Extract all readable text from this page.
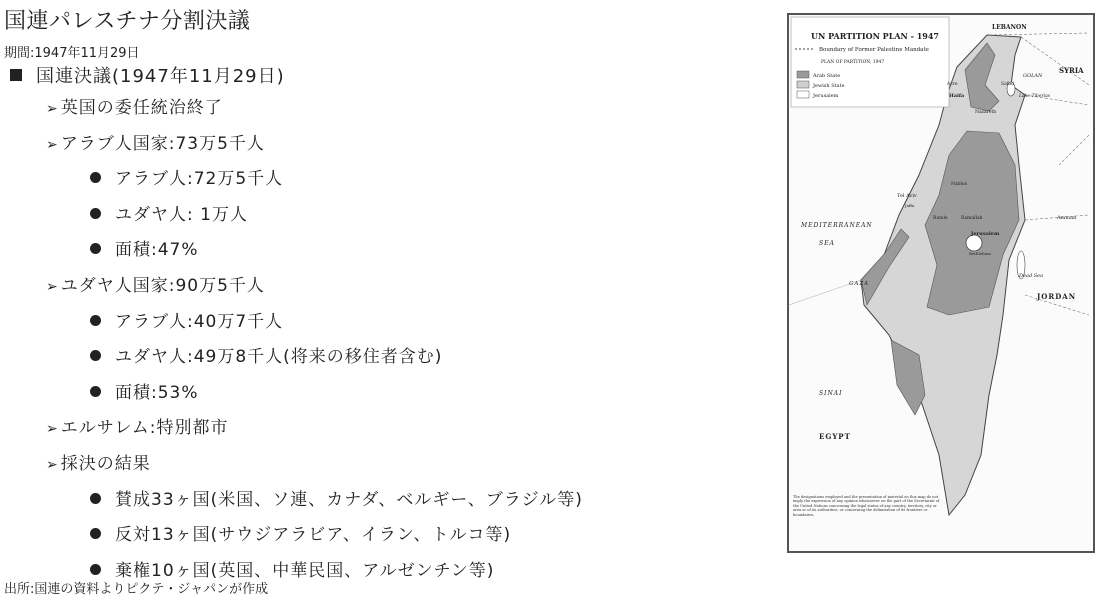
国連パレスチナ分割決議
期間:1947年11月29日
国連決議(1947年11月29日)
➢ 英国の委任統治終了
➢ アラブ人国家:73万5千人
アラブ人:72万5千人
ユダヤ人: 1万人
面積:47%
➢ ユダヤ人国家:90万5千人
アラブ人:40万7千人
ユダヤ人:49万8千人(将来の移住者含む)
面積:53%
➢ エルサレム:特別都市
➢ 採決の結果
賛成33ヶ国(米国、ソ連、カナダ、ベルギー、ブラジル等)
反対13ヶ国(サウジアラビア、イラン、トルコ等)
棄権10ヶ国(英国、中華民国、アルゼンチン等)
出所:国連の資料よりピクテ・ジャパンが作成
UN PARTITION PLAN - 1947
Boundary of Former Palestine Mandate
PLAN OF PARTITION, 1947
Arab State
Jewish State
Jerusalem
LEBANON
SYRIA
GOLAN
Safad
Lake Tiberias
Acre
Haifa
Nazareth
Nablus
Tel Aviv
Jaffa
Ramle	Ramallah
Jerusalem
Bethlehem
Amman
Dead Sea
MEDITERRANEAN
SEA
GAZA
JORDAN
SINAI
EGYPT
The designations employed and the presentation of material on this map do not imply the expression of any opinion whatsoever on the part of the Secretariat of the United Nations concerning the legal status of any country, territory, city or area or of its authorities, or concerning the delimitation of its frontiers or boundaries.
